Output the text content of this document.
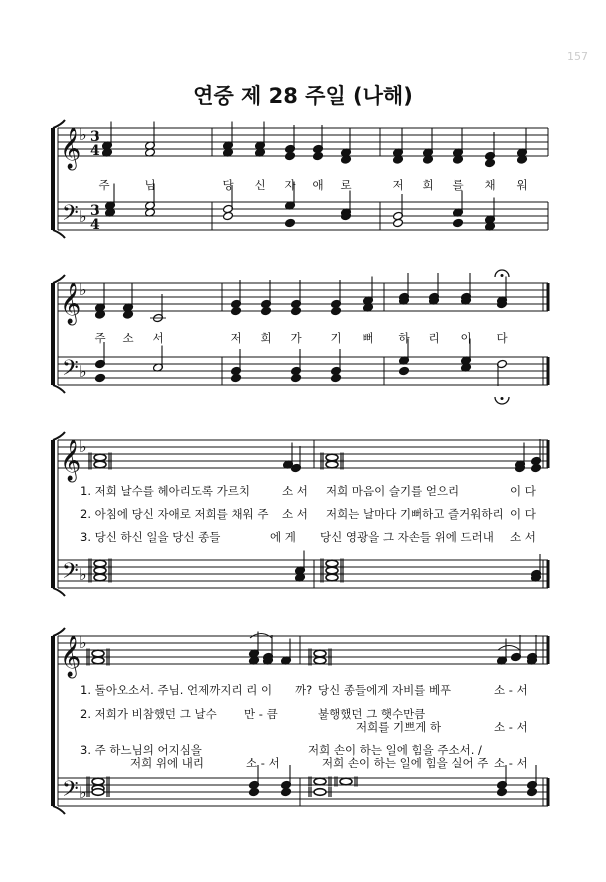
157
연중 제 28 주일 (나해)
𝄞
♭ 3
4
𝄢 ♭ 3
4
𝄞
♭
𝄢 ♭
𝄞
♭
𝄢 ♭
𝄞
♭
𝄢 ♭
주	님	당 신 자 애 로	저 희 를 채 워
주 소 서	저 희 가	기 뻐 하 리 이 다
1. 저희 날수를 헤아리도록 가르치	소 서 저희 마음이 슬기를 얻으리	이 다
2. 아침에 당신 자애로 저희를 채워 주 소 서 저희는 날마다 기뻐하고 즐거워하리 이 다
3. 당신 하신 일을 당신 종들	에 게 당신 영광을 그 자손들 위에 드러내 소 서
1. 돌아오소서. 주님. 언제까지리 리 이 까? 당신 종들에게 자비를 베푸	소 - 서
2. 저희가 비참했던 그 날수 만 - 큼	불행했던 그 햇수만큼
저희를 기쁘게 하	소 - 서
3. 주 하느님의 어지심을
저희 위에 내리	소 - 서
저희 손이 하는 일에 힘을 주소서. /
저희 손이 하는 일에 힘을 실어 주 소 - 서
